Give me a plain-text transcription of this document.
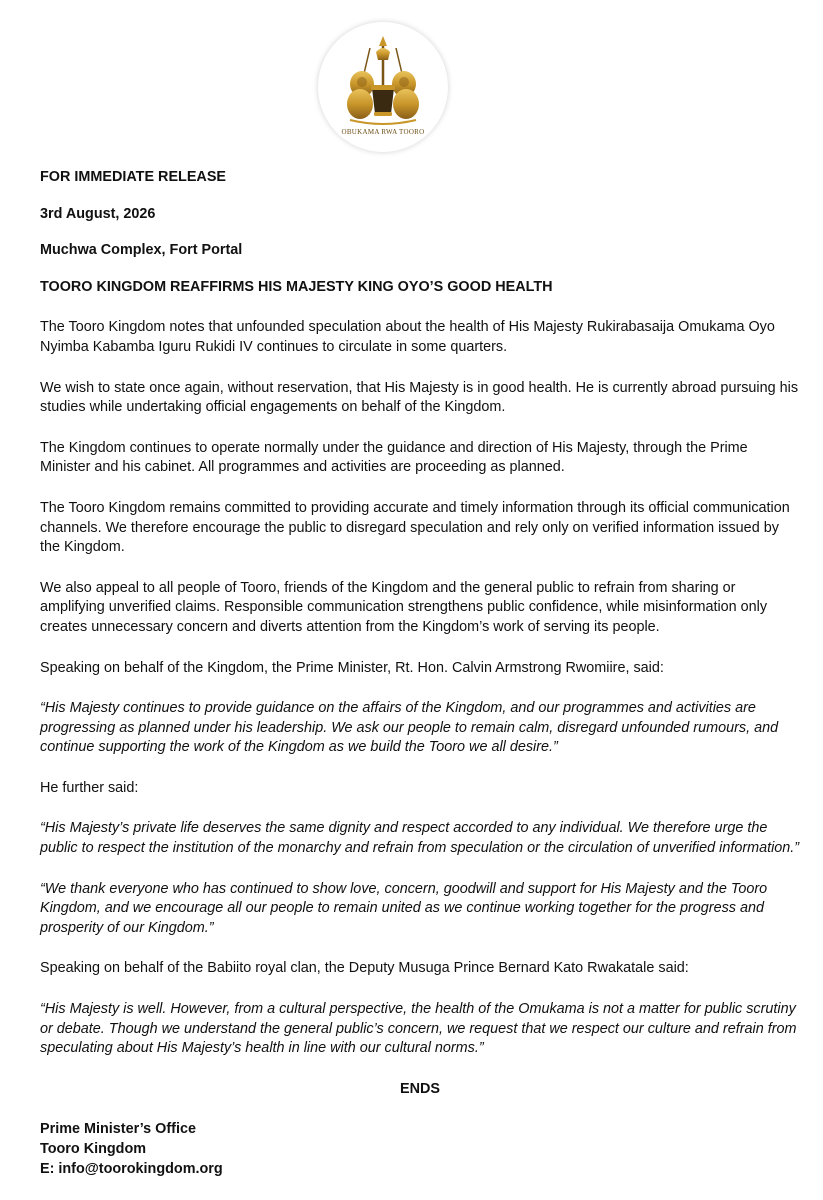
OBUKAMA RWA TOORO

FOR IMMEDIATE RELEASE

3rd August, 2026

Muchwa Complex, Fort Portal

TOORO KINGDOM REAFFIRMS HIS MAJESTY KING OYO’S GOOD HEALTH

The Tooro Kingdom notes that unfounded speculation about the health of His Majesty Rukirabasaija Omukama Oyo Nyimba Kabamba Iguru Rukidi IV continues to circulate in some quarters.

We wish to state once again, without reservation, that His Majesty is in good health. He is currently abroad pursuing his studies while undertaking official engagements on behalf of the Kingdom.

The Kingdom continues to operate normally under the guidance and direction of His Majesty, through the Prime Minister and his cabinet. All programmes and activities are proceeding as planned.

The Tooro Kingdom remains committed to providing accurate and timely information through its official communication channels. We therefore encourage the public to disregard speculation and rely only on verified information issued by the Kingdom.

We also appeal to all people of Tooro, friends of the Kingdom and the general public to refrain from sharing or amplifying unverified claims. Responsible communication strengthens public confidence, while misinformation only creates unnecessary concern and diverts attention from the Kingdom’s work of serving its people.

Speaking on behalf of the Kingdom, the Prime Minister, Rt. Hon. Calvin Armstrong Rwomiire, said:

“His Majesty continues to provide guidance on the affairs of the Kingdom, and our programmes and activities are progressing as planned under his leadership. We ask our people to remain calm, disregard unfounded rumours, and continue supporting the work of the Kingdom as we build the Tooro we all desire.”

He further said:

“His Majesty’s private life deserves the same dignity and respect accorded to any individual. We therefore urge the public to respect the institution of the monarchy and refrain from speculation or the circulation of unverified information.”

“We thank everyone who has continued to show love, concern, goodwill and support for His Majesty and the Tooro Kingdom, and we encourage all our people to remain united as we continue working together for the progress and prosperity of our Kingdom.”

Speaking on behalf of the Babiito royal clan, the Deputy Musuga Prince Bernard Kato Rwakatale said:

“His Majesty is well. However, from a cultural perspective, the health of the Omukama is not a matter for public scrutiny or debate. Though we understand the general public’s concern, we request that we respect our culture and refrain from speculating about His Majesty’s health in line with our cultural norms.”

ENDS

Prime Minister’s Office

Tooro Kingdom

E: info@toorokingdom.org
